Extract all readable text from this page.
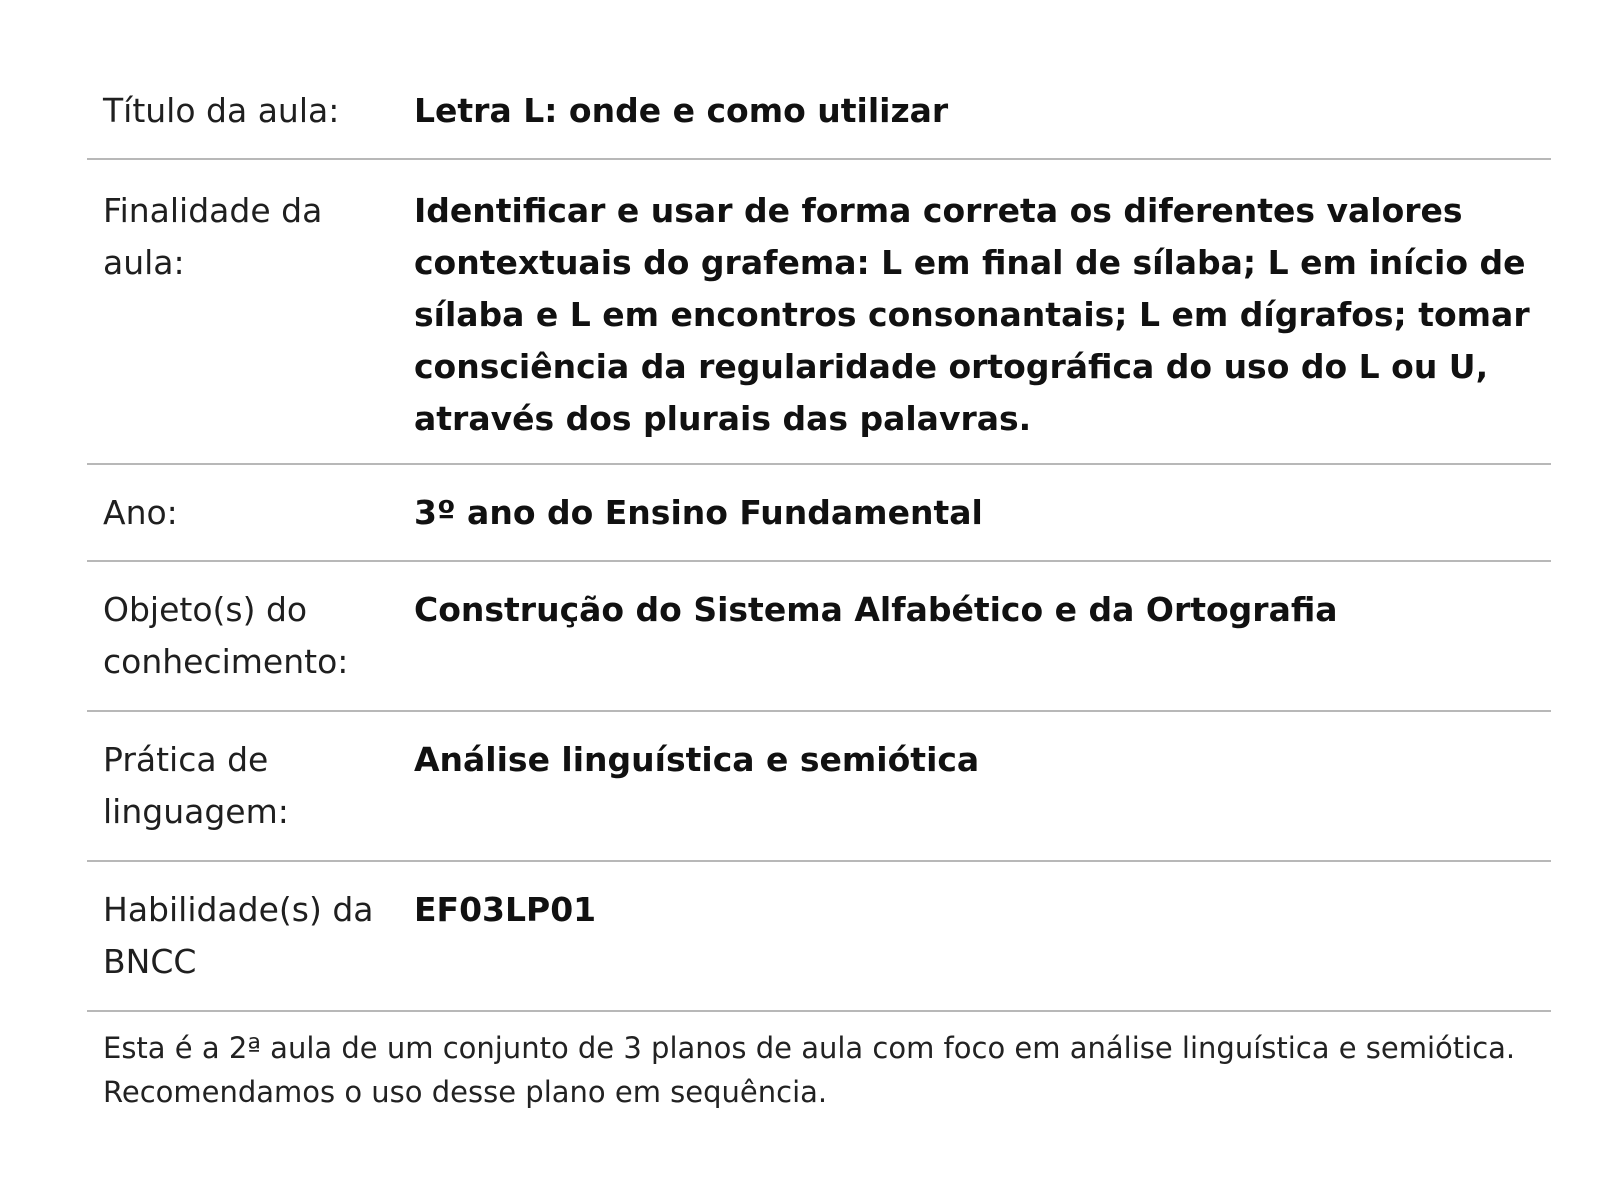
Título da aula:	Letra L: onde e como utilizar
Finalidade da aula:
Identificar e usar de forma correta os diferentes valores contextuais do grafema: L em final de sílaba; L em início de sílaba e L em encontros consonantais; L em dígrafos; tomar consciência da regularidade ortográfica do uso do L ou U, através dos plurais das palavras.
Ano:	3º ano do Ensino Fundamental
Objeto(s) do conhecimento:
Construção do Sistema Alfabético e da Ortografia
Prática de linguagem:
Análise linguística e semiótica
Habilidade(s) da BNCC
EF03LP01
Esta é a 2ª aula de um conjunto de 3 planos de aula com foco em análise linguística e semiótica. Recomendamos o uso desse plano em sequência.
